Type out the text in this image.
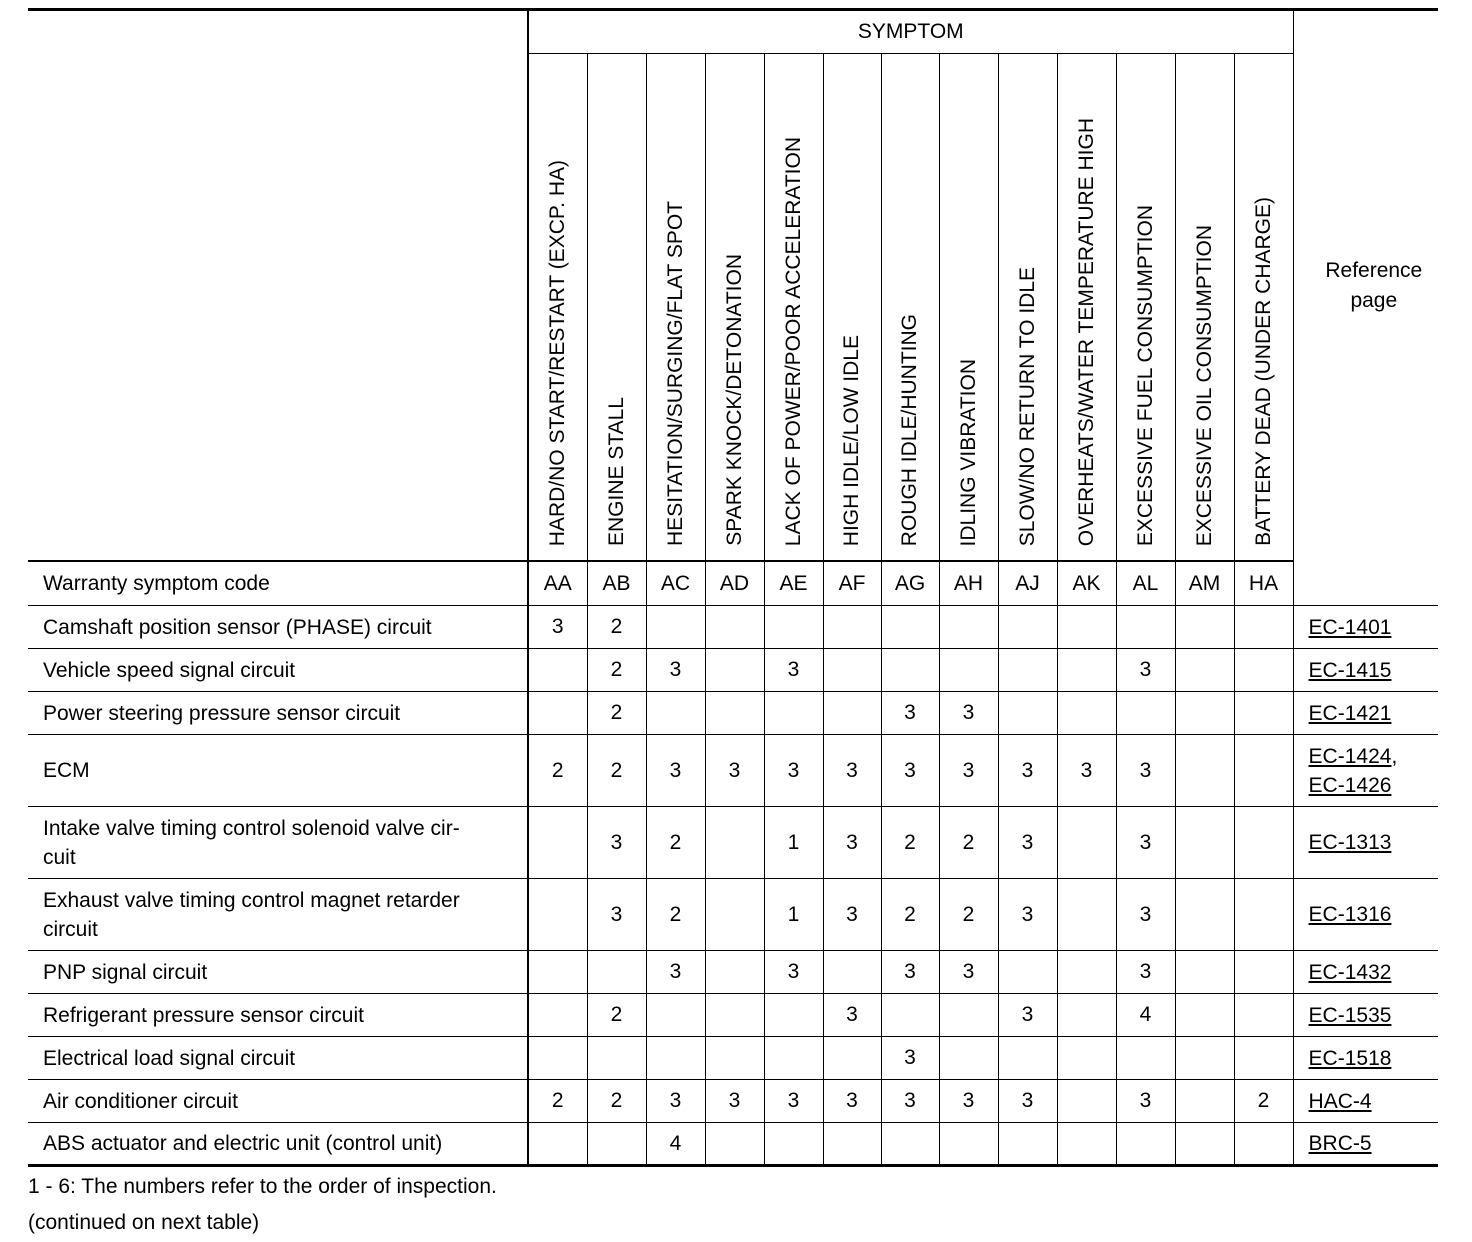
	SYMPTOM													Reference page

	HARD/NO START/RESTART (EXCP. HA)	ENGINE STALL	HESITATION/SURGING/FLAT SPOT	SPARK KNOCK/DETONATION	LACK OF POWER/POOR ACCELERATION	HIGH IDLE/LOW IDLE	ROUGH IDLE/HUNTING	IDLING VIBRATION	SLOW/NO RETURN TO IDLE	OVERHEATS/WATER TEMPERATURE HIGH	EXCESSIVE FUEL CONSUMPTION	EXCESSIVE OIL CONSUMPTION	BATTERY DEAD (UNDER CHARGE)	

Warranty symptom code	AA	AB	AC	AD	AE	AF	AG	AH	AJ	AK	AL	AM	HA	
Camshaft position sensor (PHASE) circuit	3	2												EC-1401
Vehicle speed signal circuit		2	3		3						3			EC-1415
Power steering pressure sensor circuit		2					3	3						EC-1421
ECM	2	2	3	3	3	3	3	3	3	3	3			EC-1424,
EC-1426
Intake valve timing control solenoid valve cir-
cuit		3	2		1	3	2	2	3		3			EC-1313
Exhaust valve timing control magnet retarder
circuit		3	2		1	3	2	2	3		3			EC-1316
PNP signal circuit			3		3		3	3			3			EC-1432
Refrigerant pressure sensor circuit		2				3			3		4			EC-1535
Electrical load signal circuit							3							EC-1518
Air conditioner circuit	2	2	3	3	3	3	3	3	3		3		2	HAC-4
ABS actuator and electric unit (control unit)			4											BRC-5
1 - 6: The numbers refer to the order of inspection.
(continued on next table)
